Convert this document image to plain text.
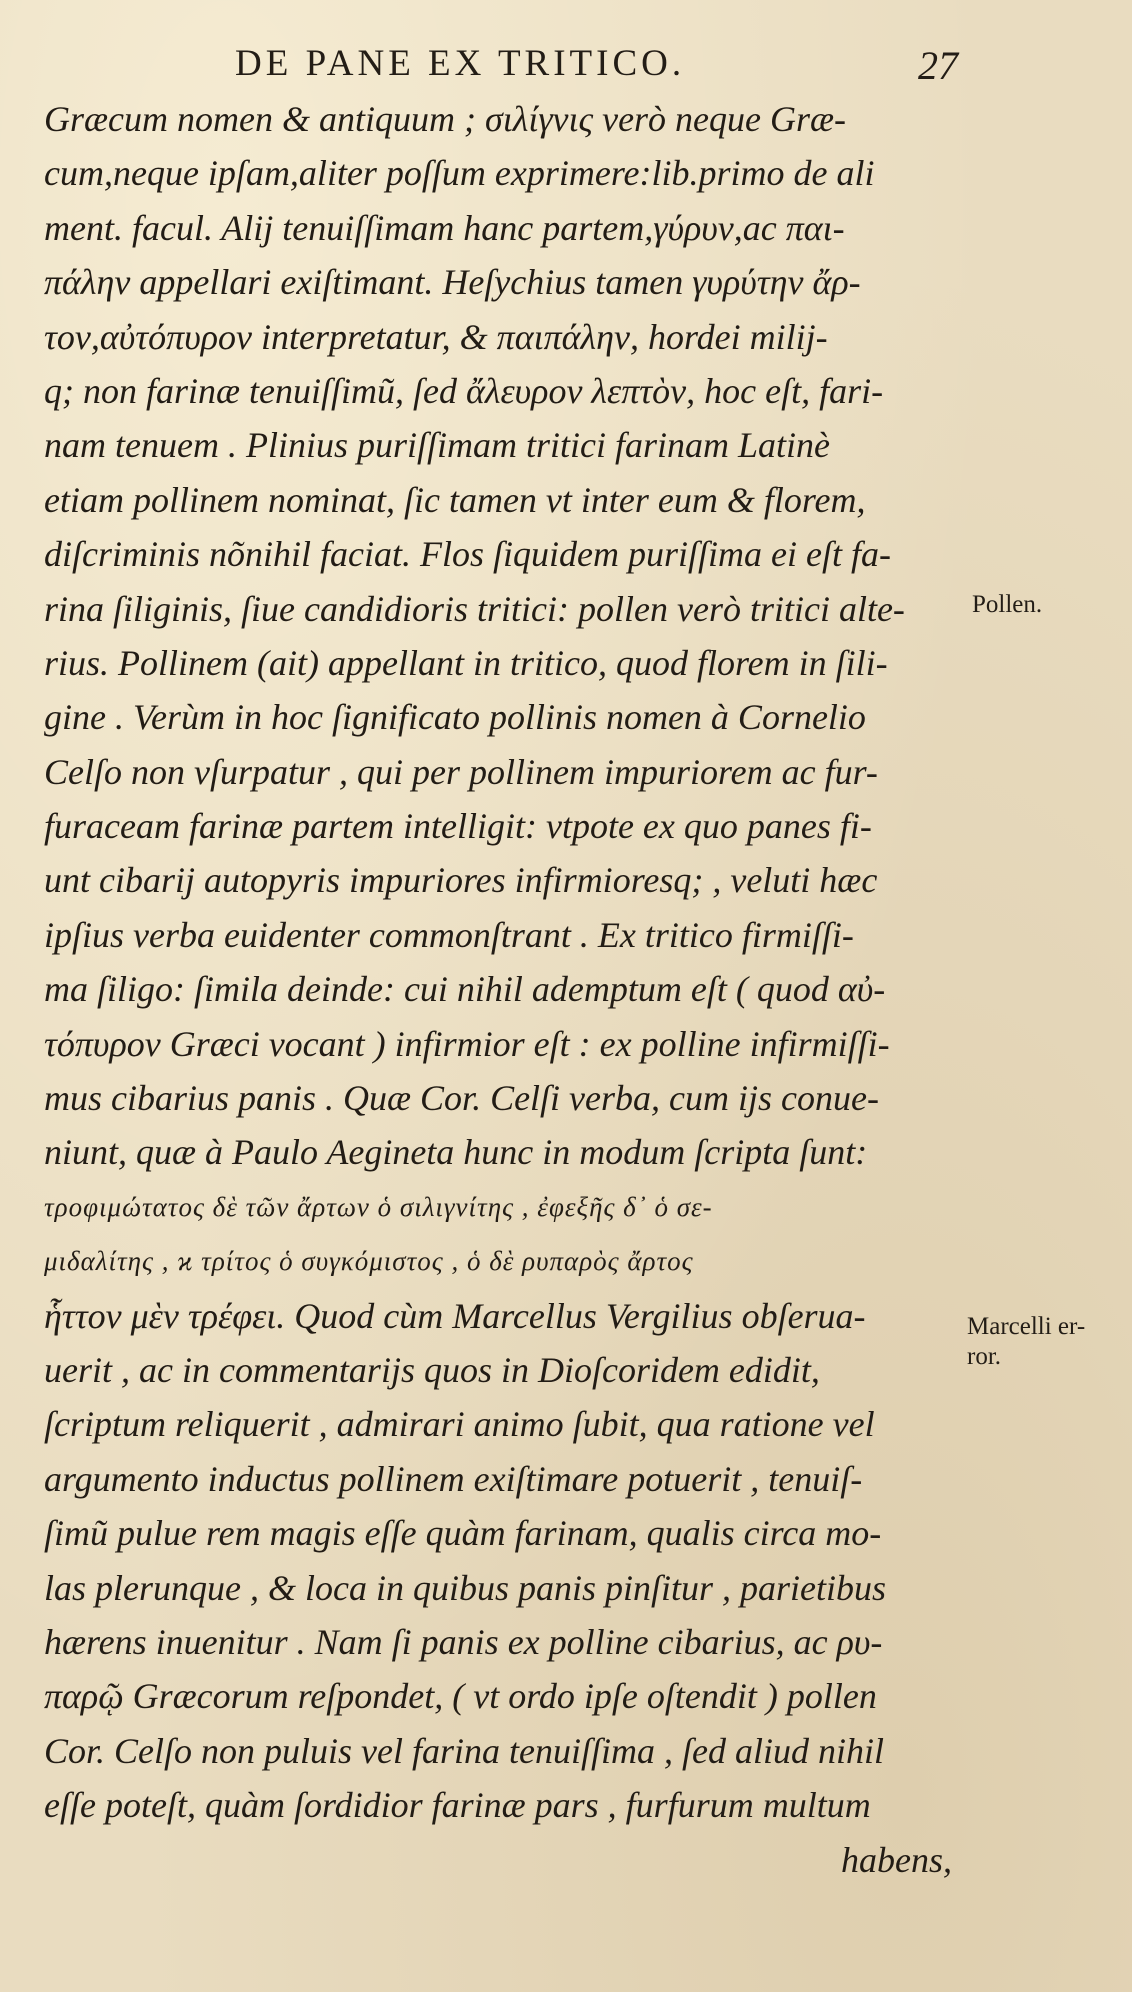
DE PANE EX TRITICO.	27
Græcum nomen & antiquum ; σιλίγνις verò neque Græ-
cum,neque ipſam,aliter poſſum exprimere:lib.primo de ali
ment. facul. Alij tenuiſſimam hanc partem,γύρυν,ac παι-
πάλην appellari exiſtimant. Heſychius tamen γυρύτην ἄρ-
τον,αὐτόπυρον interpretatur, & παιπάλην, hordei milij-
q; non farinæ tenuiſſimũ, ſed ἄλευρον λεπτὸν, hoc eſt, fari-
nam tenuem . Plinius puriſſimam tritici farinam Latinè
etiam pollinem nominat, ſic tamen vt inter eum & florem,
diſcriminis nõnihil faciat. Flos ſiquidem puriſſima ei eſt fa-
rina ſiliginis, ſiue candidioris tritici: pollen verò tritici alte-
rius. Pollinem (ait) appellant in tritico, quod florem in ſili-
gine . Verùm in hoc ſignificato pollinis nomen à Cornelio
Celſo non vſurpatur , qui per pollinem impuriorem ac fur-
furaceam farinæ partem intelligit: vtpote ex quo panes fi-
unt cibarij autopyris impuriores infirmioresq; , veluti hæc
ipſius verba euidenter commonſtrant . Ex tritico firmiſſi-
ma ſiligo: ſimila deinde: cui nihil ademptum eſt ( quod αὐ-
τόπυρον Græci vocant ) infirmior eſt : ex polline infirmiſſi-
mus cibarius panis . Quæ Cor. Celſi verba, cum ijs conue-
niunt, quæ à Paulo Aegineta hunc in modum ſcripta ſunt:
τροφιμώτατος δὲ τῶν ἄρτων ὁ σιλιγνίτης , ἐφεξῆς δ᾽ ὁ σε-
μιδαλίτης , ϰ τρίτος ὁ συγκόμιστος , ὁ δὲ ρυπαρὸς ἄρτος
ἧττον μὲν τρέφει. Quod cùm Marcellus Vergilius obſerua-
uerit , ac in commentarijs quos in Dioſcoridem edidit,
ſcriptum reliquerit , admirari animo ſubit, qua ratione vel
argumento inductus pollinem exiſtimare potuerit , tenuiſ-
ſimũ pulue rem magis eſſe quàm farinam, qualis circa mo-
las plerunque , & loca in quibus panis pinſitur , parietibus
hærens inuenitur . Nam ſi panis ex polline cibarius, ac ρυ-
παρῷ Græcorum reſpondet, ( vt ordo ipſe oſtendit ) pollen
Cor. Celſo non puluis vel farina tenuiſſima , ſed aliud nihil
eſſe poteſt, quàm ſordidior farinæ pars , furfurum multum
habens,
Pollen.
Marcelli er-
ror.
